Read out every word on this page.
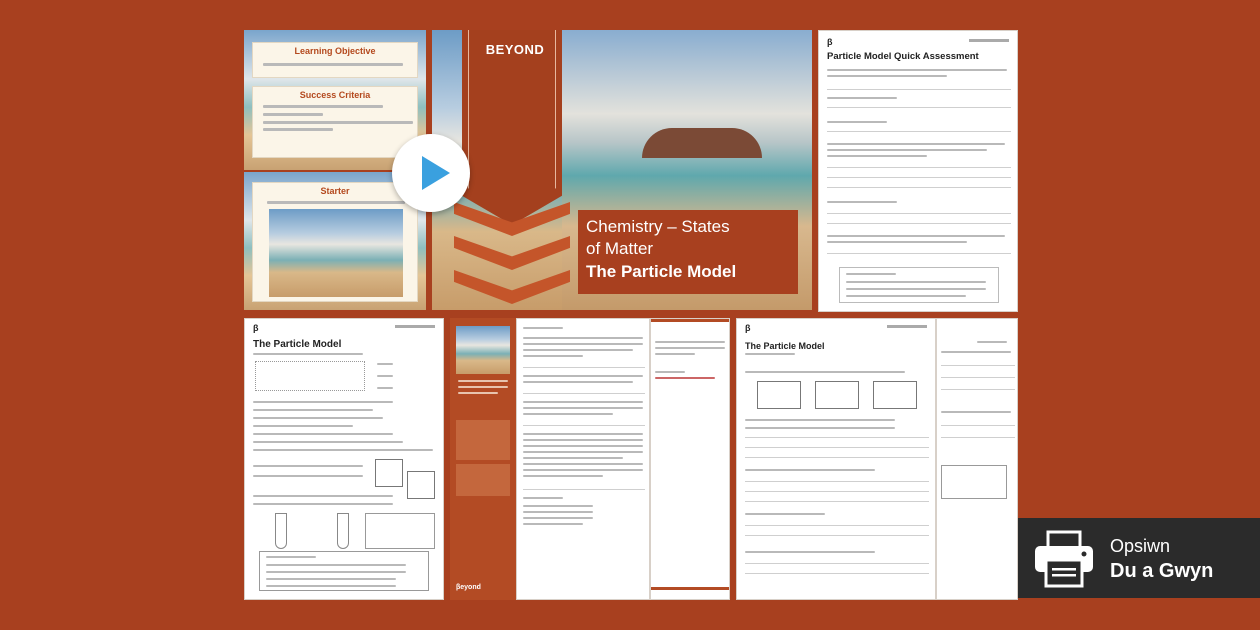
Learning Objective
Success Criteria
Starter
BEYOND
Chemistry – States
of Matter
The Particle Model
β
Particle Model Quick Assessment
β
The Particle Model
βeyond
β
The Particle Model
Opsiwn
Du a Gwyn
